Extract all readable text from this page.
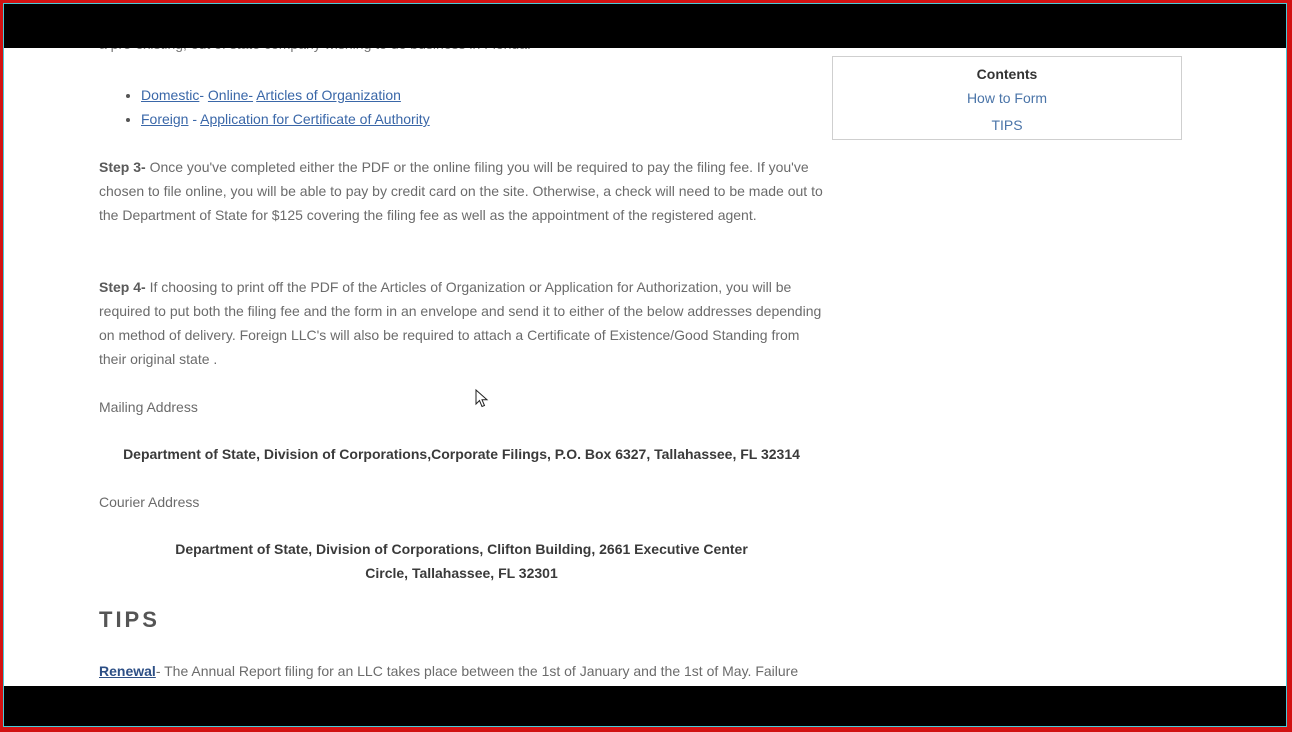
• Domestic- Online- Articles of Organization
• Foreign - Application for Certificate of Authority
Step 3- Once you've completed either the PDF or the online filing you will be required to pay the filing fee. If you've chosen to file online, you will be able to pay by credit card on the site. Otherwise, a check will need to be made out to the Department of State for $125 covering the filing fee as well as the appointment of the registered agent.
Step 4- If choosing to print off the PDF of the Articles of Organization or Application for Authorization, you will be required to put both the filing fee and the form in an envelope and send it to either of the below addresses depending on method of delivery. Foreign LLC's will also be required to attach a Certificate of Existence/Good Standing from their original state .
Mailing Address
Department of State, Division of Corporations,Corporate Filings, P.O. Box 6327, Tallahassee, FL 32314
Courier Address
Department of State, Division of Corporations, Clifton Building, 2661 Executive Center
Circle, Tallahassee, FL 32301
TIPS
Renewal- The Annual Report filing for an LLC takes place between the 1st of January and the 1st of May. Failure
Contents
How to Form
TIPS
